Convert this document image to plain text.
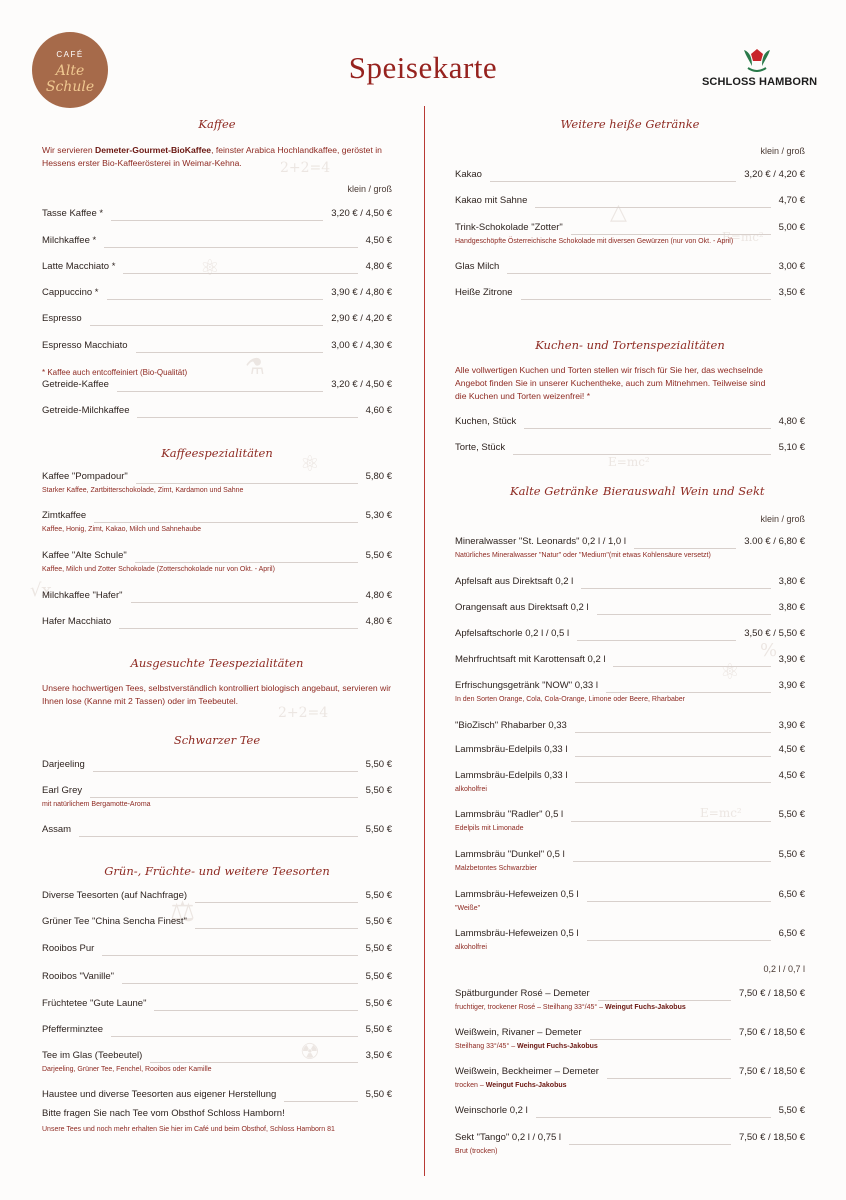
2+2=4
E=mc²
E=mc²
2+2=4
E=mc²
√x
%
☢
⚛
⚛
⚛
△
⚖
⚗
CAFÉ
Alte Schule
Speisekarte	SCHLOSS HAMBORN
Kaffee
Wir servieren Demeter-Gourmet-BioKaffee, feinster Arabica Hochlandkaffee, geröstet in Hessens erster Bio-Kaffeerösterei in Weimar-Kehna.
klein / groß
Tasse Kaffee *	3,20 € / 4,50 €
Milchkaffee *	4,50 €
Latte Macchiato *	4,80 €
Cappuccino *	3,90 € / 4,80 €
Espresso	2,90 € / 4,20 €
Espresso Macchiato	3,00 € / 4,30 €
* Kaffee auch entcoffeiniert (Bio-Qualität)
Getreide-Kaffee	3,20 € / 4,50 €
Getreide-Milchkaffee	4,60 €
Kaffeespezialitäten
Kaffee "Pompadour"	5,80 €
Starker Kaffee, Zartbitterschokolade, Zimt, Kardamon und Sahne
Zimtkaffee	5,30 €
Kaffee, Honig, Zimt, Kakao, Milch und Sahnehaube
Kaffee "Alte Schule"	5,50 €
Kaffee, Milch und Zotter Schokolade (Zotterschokolade nur von Okt. - April)
Milchkaffee "Hafer"	4,80 €
Hafer Macchiato	4,80 €
Ausgesuchte Teespezialitäten
Unsere hochwertigen Tees, selbstverständlich kontrolliert biologisch angebaut, servieren wir Ihnen lose (Kanne mit 2 Tassen) oder im Teebeutel.
Schwarzer Tee
Darjeeling	5,50 €
Earl Grey	5,50 €
mit natürlichem Bergamotte-Aroma
Assam	5,50 €
Grün-, Früchte- und weitere Teesorten
Diverse Teesorten (auf Nachfrage)	5,50 €
Grüner Tee "China Sencha Finest"	5,50 €
Rooibos Pur	5,50 €
Rooibos "Vanille"	5,50 €
Früchtetee "Gute Laune"	5,50 €
Pfefferminztee	5,50 €
Tee im Glas (Teebeutel)	3,50 €
Darjeeling, Grüner Tee, Fenchel, Rooibos oder Kamille
Haustee und diverse Teesorten aus eigener Herstellung	5,50 €
Bitte fragen Sie nach Tee vom Obsthof Schloss Hamborn!
Unsere Tees und noch mehr erhalten Sie hier im Café und beim Obsthof, Schloss Hamborn 81
Weitere heiße Getränke
klein / groß
Kakao	3,20 € / 4,20 €
Kakao mit Sahne	4,70 €
Trink-Schokolade "Zotter"	5,00 €
Handgeschöpfte Österreichische Schokolade mit diversen Gewürzen (nur von Okt. - April)
Glas Milch	3,00 €
Heiße Zitrone	3,50 €
Kuchen- und Tortenspezialitäten
Alle vollwertigen Kuchen und Torten stellen wir frisch für Sie her, das wechselnde Angebot finden Sie in unserer Kuchentheke, auch zum Mitnehmen. Teilweise sind die Kuchen und Torten weizenfrei! *
Kuchen, Stück	4,80 €
Torte, Stück	5,10 €
Kalte Getränke Bierauswahl Wein und Sekt
klein / groß
Mineralwasser "St. Leonards" 0,2 l / 1,0 l	3.00 € / 6,80 €
Natürliches Mineralwasser "Natur" oder "Medium"(mit etwas Kohlensäure versetzt)
Apfelsaft aus Direktsaft 0,2 l	3,80 €
Orangensaft aus Direktsaft 0,2 l	3,80 €
Apfelsaftschorle 0,2 l / 0,5 l	3,50 € / 5,50 €
Mehrfruchtsaft mit Karottensaft 0,2 l	3,90 €
Erfrischungsgetränk "NOW" 0,33 l	3,90 €
In den Sorten Orange, Cola, Cola-Orange, Limone oder Beere, Rharbaber
"BioZisch" Rhabarber 0,33	3,90 €
Lammsbräu-Edelpils 0,33 l	4,50 €
Lammsbräu-Edelpils 0,33 l	4,50 €
alkoholfrei
Lammsbräu "Radler" 0,5 l	5,50 €
Edelpils mit Limonade
Lammsbräu "Dunkel" 0,5 l	5,50 €
Malzbetontes Schwarzbier
Lammsbräu-Hefeweizen 0,5 l	6,50 €
"Weiße"
Lammsbräu-Hefeweizen 0,5 l	6,50 €
alkoholfrei
0,2 l / 0,7 l
Spätburgunder Rosé – Demeter	7,50 € / 18,50 €
fruchtiger, trockener Rosé – Steilhang 33°/45° – Weingut Fuchs-Jakobus
Weißwein, Rivaner – Demeter	7,50 € / 18,50 €
Steilhang 33°/45° – Weingut Fuchs-Jakobus
Weißwein, Beckheimer – Demeter	7,50 € / 18,50 €
trocken – Weingut Fuchs-Jakobus
Weinschorle 0,2 l	5,50 €
Sekt "Tango" 0,2 l / 0,75 l	7,50 € / 18,50 €
Brut (trocken)
